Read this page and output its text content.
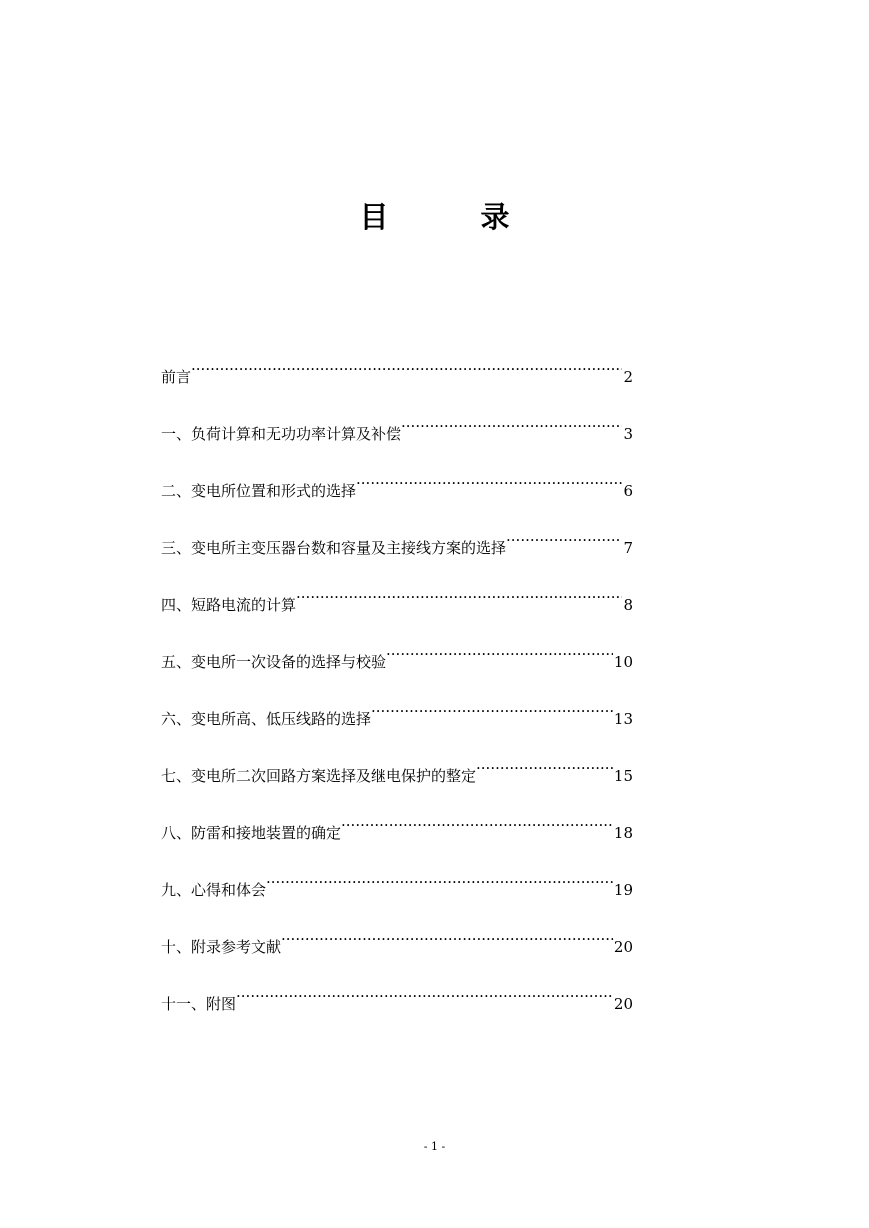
目	录
前言 ·····	2
一、负荷计算和无功功率计算及补偿 ·····	3
二、变电所位置和形式的选择 ·····	6
三、变电所主变压器台数和容量及主接线方案的选择 ·····	7
四、短路电流的计算 ·····	8
五、变电所一次设备的选择与校验 ·····	10
六、变电所高、低压线路的选择 ·····	13
七、变电所二次回路方案选择及继电保护的整定 ·····	15
八、防雷和接地装置的确定 ·····	18
九、心得和体会 ·····	19
十、附录参考文献 ·····	20
十一、附图 ·····	20
- 1 -
